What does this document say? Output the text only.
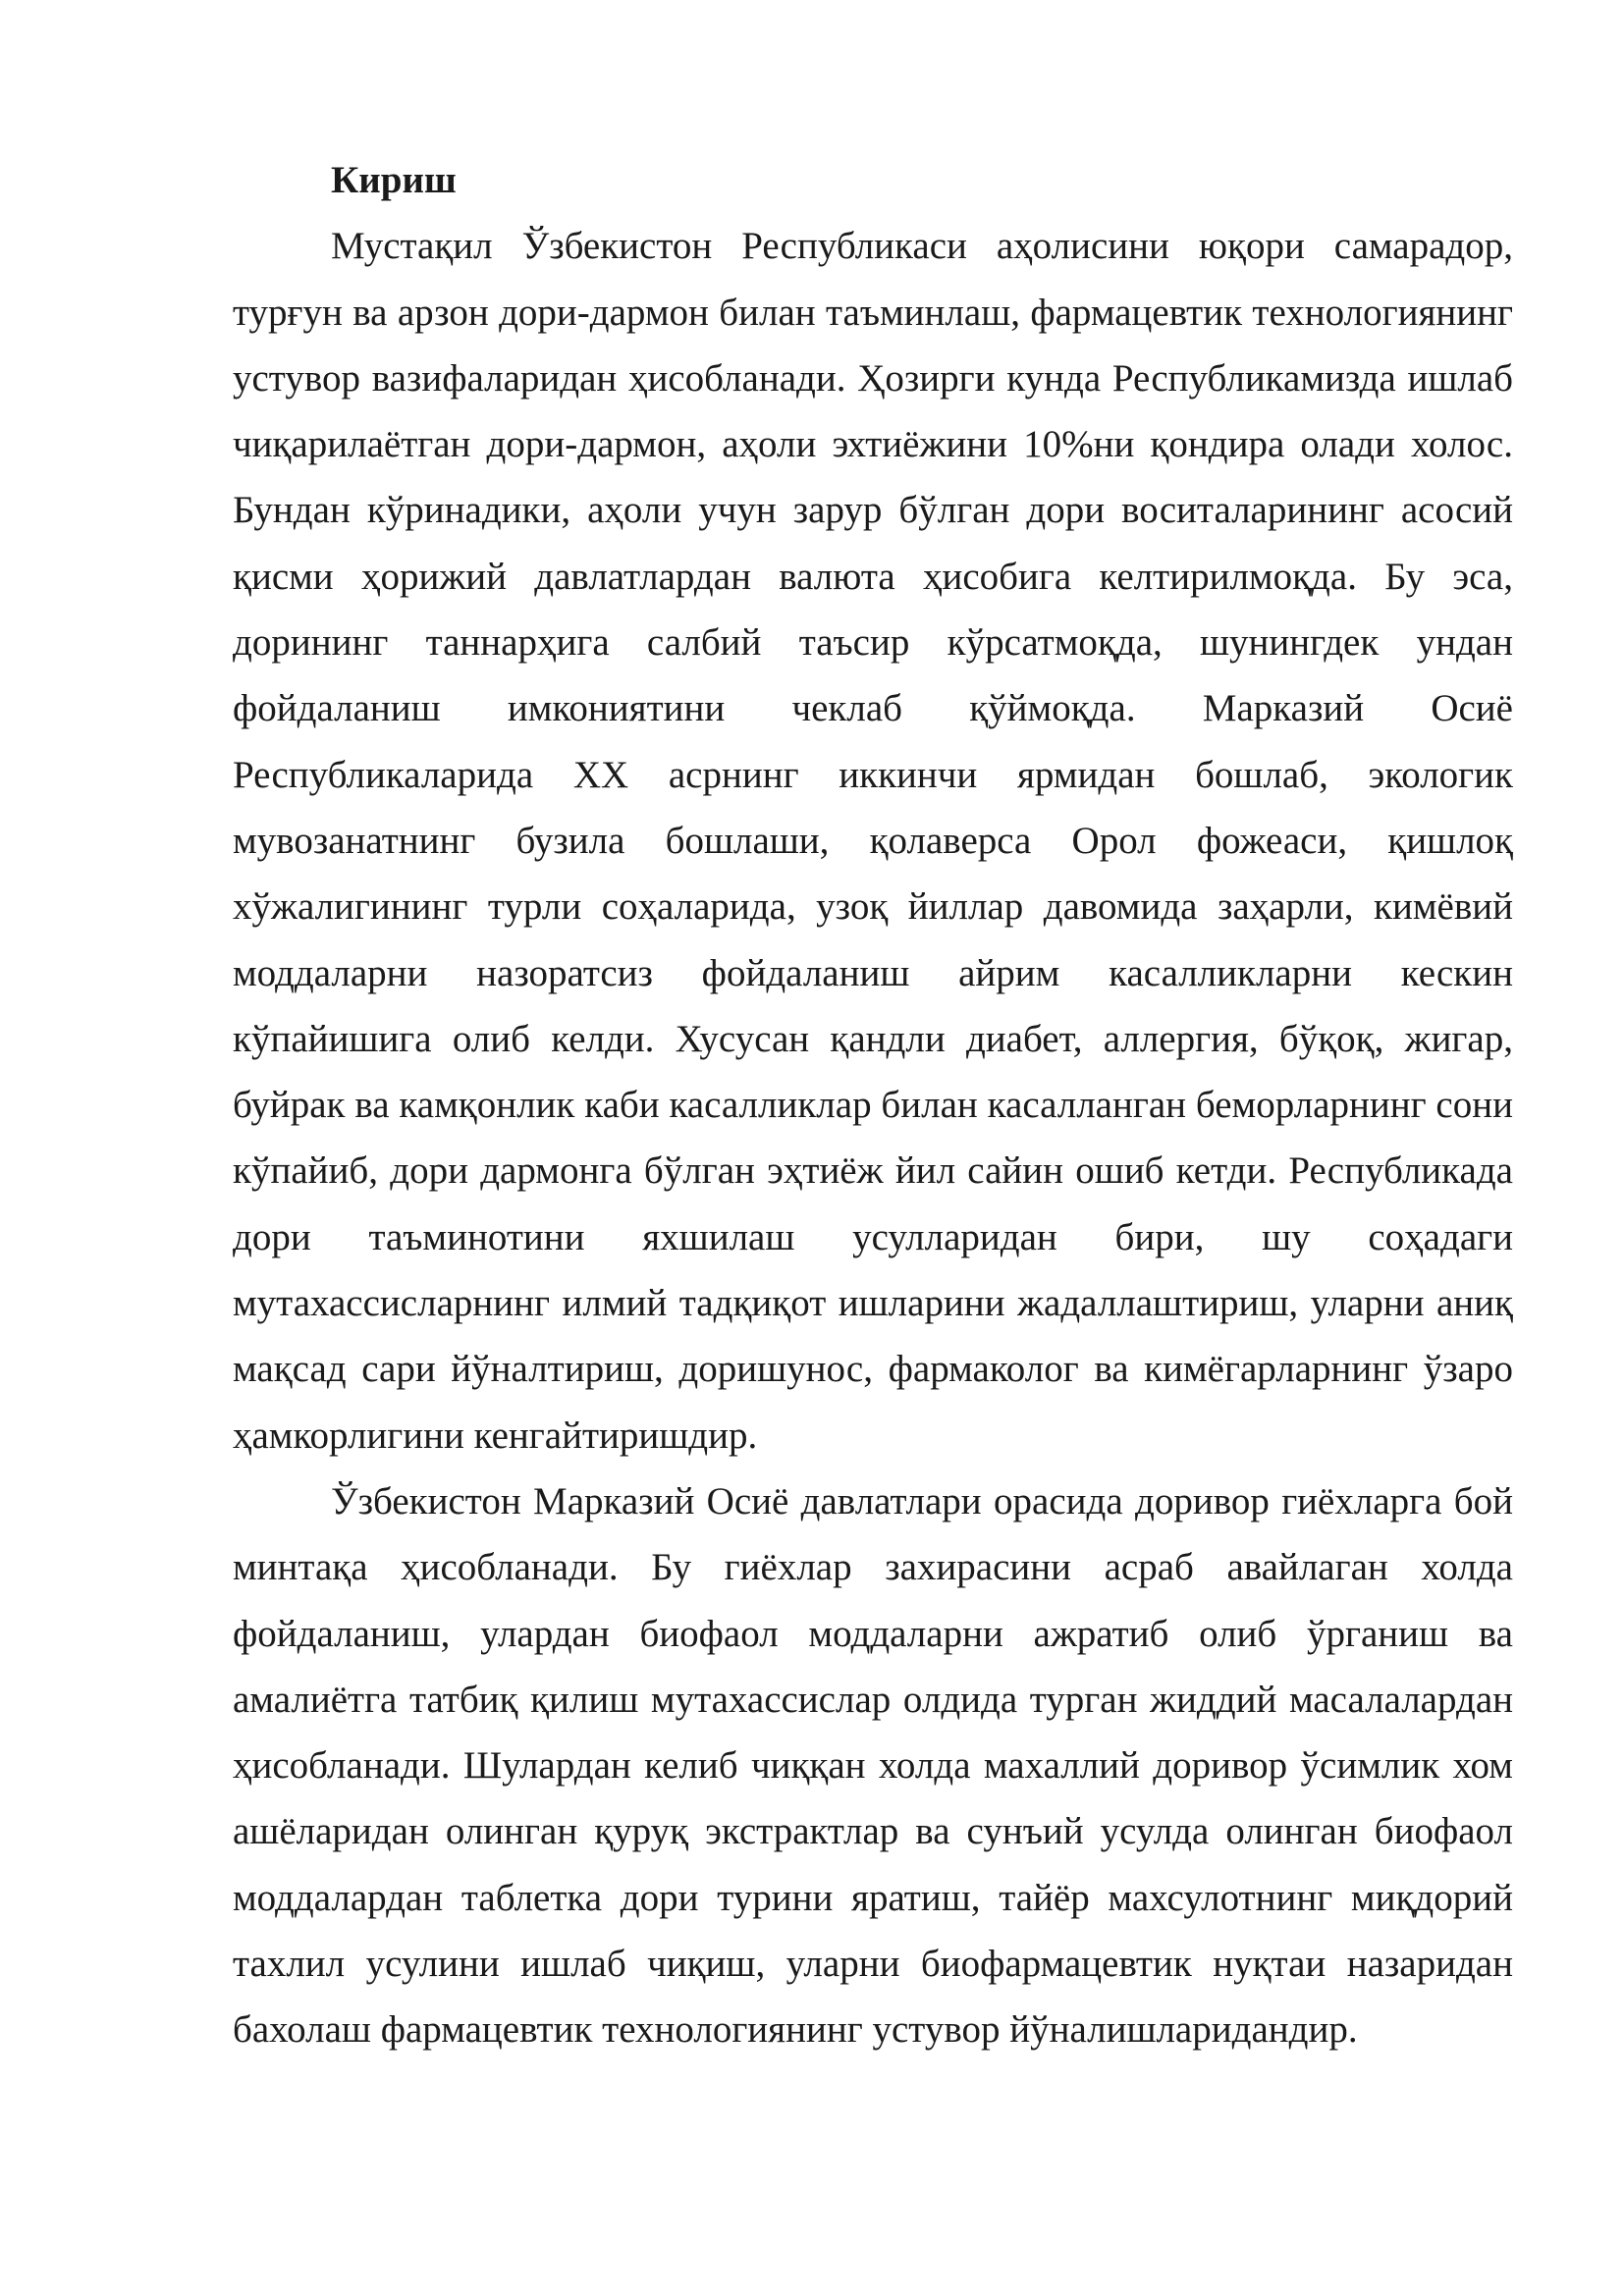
Кириш

Мустақил Ўзбекистон Республикаси аҳолисини юқори самарадор, турғун ва арзон дори-дармон билан таъминлаш, фармацевтик технологиянинг устувор вазифаларидан ҳисобланади. Ҳозирги кунда Республикамизда ишлаб чиқарилаётган дори-дармон, аҳоли эхтиёжини 10%ни қондира олади холос. Бундан кўринадики, аҳоли учун зарур бўлган дори воситаларининг асосий қисми ҳорижий давлатлардан валюта ҳисобига келтирилмоқда. Бу эса, дорининг таннарҳига салбий таъсир кўрсатмоқда, шунингдек ундан фойдаланиш имкониятини чеклаб қўймоқда. Марказий Осиё Республикаларида XX асрнинг иккинчи ярмидан бошлаб, экологик мувозанатнинг бузила бошлаши, қолаверса Орол фожеаси, қишлоқ хўжалигининг турли соҳаларида, узоқ йиллар давомида заҳарли, кимёвий моддаларни назоратсиз фойдаланиш айрим касалликларни кескин кўпайишига олиб келди. Хусусан қандли диабет, аллергия, бўқоқ, жигар, буйрак ва камқонлик каби касалликлар билан касалланган беморларнинг сони кўпайиб, дори дармонга бўлган эҳтиёж йил сайин ошиб кетди. Республикада дори таъминотини яхшилаш усулларидан бири, шу соҳадаги мутахассисларнинг илмий тадқиқот ишларини жадаллаштириш, уларни аниқ мақсад сари йўналтириш, доришунос, фармаколог ва кимёгарларнинг ўзаро ҳамкорлигини кенгайтиришдир.

Ўзбекистон Марказий Осиё давлатлари орасида доривор гиёхларга бой минтақа ҳисобланади. Бу гиёхлар захирасини асраб авайлаган холда фойдаланиш, улардан биофаол моддаларни ажратиб олиб ўрганиш ва амалиётга татбиқ қилиш мутахассислар олдида турган жиддий масалалардан ҳисобланади. Шулардан келиб чиққан холда махаллий доривор ўсимлик хом ашёларидан олинган қуруқ экстрактлар ва сунъий усулда олинган биофаол моддалардан таблетка дори турини яратиш, тайёр махсулотнинг миқдорий тахлил усулини ишлаб чиқиш, уларни биофармацевтик нуқтаи назаридан бахолаш фармацевтик технологиянинг устувор йўналишларидандир.
